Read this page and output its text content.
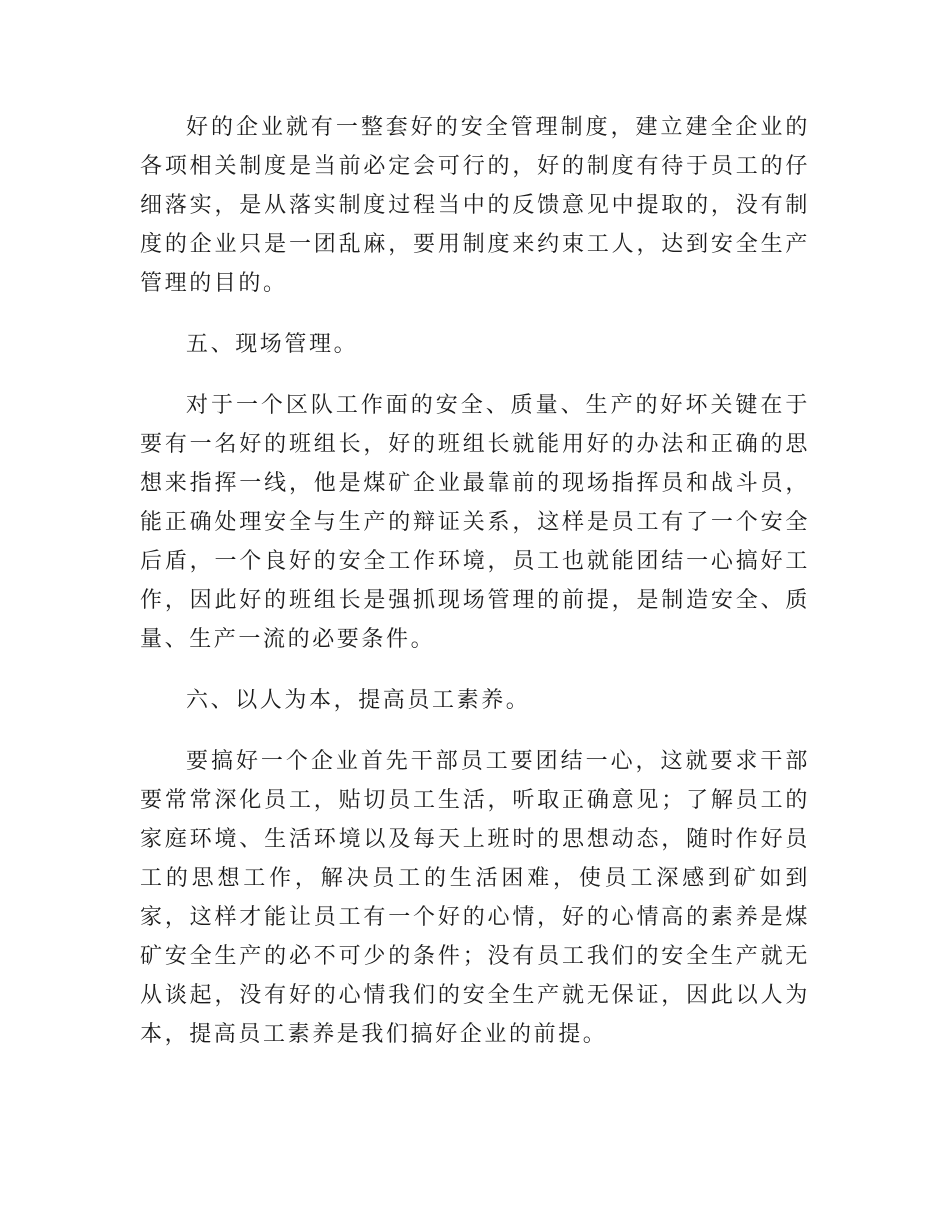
好的企业就有一整套好的安全管理制度，建立建全企业的各项相关制度是当前必定会可行的，好的制度有待于员工的仔细落实，是从落实制度过程当中的反馈意见中提取的，没有制度的企业只是一团乱麻，要用制度来约束工人，达到安全生产管理的目的。

五、现场管理。

对于一个区队工作面的安全、质量、生产的好坏关键在于要有一名好的班组长，好的班组长就能用好的办法和正确的思想来指挥一线，他是煤矿企业最靠前的现场指挥员和战斗员，能正确处理安全与生产的辩证关系，这样是员工有了一个安全后盾，一个良好的安全工作环境，员工也就能团结一心搞好工作，因此好的班组长是强抓现场管理的前提，是制造安全、质量、生产一流的必要条件。

六、以人为本，提高员工素养。

要搞好一个企业首先干部员工要团结一心，这就要求干部要常常深化员工，贴切员工生活，听取正确意见；了解员工的家庭环境、生活环境以及每天上班时的思想动态，随时作好员工的思想工作，解决员工的生活困难，使员工深感到矿如到家，这样才能让员工有一个好的心情，好的心情高的素养是煤矿安全生产的必不可少的条件；没有员工我们的安全生产就无从谈起，没有好的心情我们的安全生产就无保证，因此以人为本，提高员工素养是我们搞好企业的前提。
